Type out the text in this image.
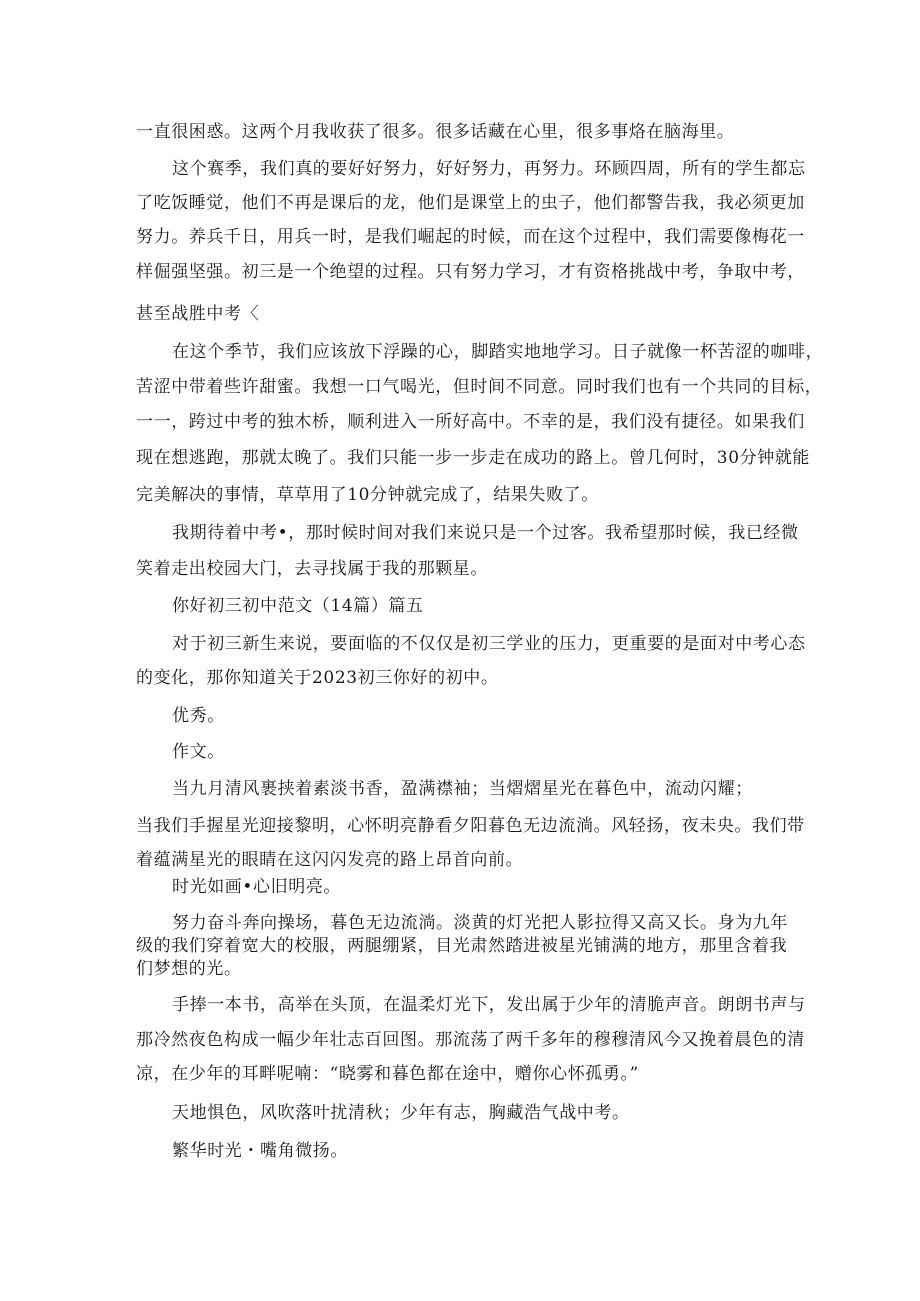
一直很困惑。这两个月我收获了很多。很多话藏在心里，很多事烙在脑海里。
这个赛季，我们真的要好好努力，好好努力，再努力。环顾四周，所有的学生都忘
了吃饭睡觉，他们不再是课后的龙，他们是课堂上的虫子，他们都警告我，我必须更加
努力。养兵千日，用兵一时，是我们崛起的时候，而在这个过程中，我们需要像梅花一
样倔强坚强。初三是一个绝望的过程。只有努力学习，才有资格挑战中考，争取中考，
甚至战胜中考〈
在这个季节，我们应该放下浮躁的心，脚踏实地地学习。日子就像一杯苦涩的咖啡，
苦涩中带着些许甜蜜。我想一口气喝光，但时间不同意。同时我们也有一个共同的目标，
一一，跨过中考的独木桥，顺利进入一所好高中。不幸的是，我们没有捷径。如果我们
现在想逃跑，那就太晚了。我们只能一步一步走在成功的路上。曾几何时，30分钟就能
完美解决的事情，草草用了10分钟就完成了，结果失败了。
我期待着中考•，那时候时间对我们来说只是一个过客。我希望那时候，我已经微
笑着走出校园大门，去寻找属于我的那颗星。
你好初三初中范文（14篇）篇五
对于初三新生来说，要面临的不仅仅是初三学业的压力，更重要的是面对中考心态
的变化，那你知道关于2023初三你好的初中。
优秀。
作文。
当九月清风裹挟着素淡书香，盈满襟袖；当熠熠星光在暮色中，流动闪耀；
当我们手握星光迎接黎明，心怀明亮静看夕阳暮色无边流淌。风轻扬，夜未央。我们带
着蕴满星光的眼睛在这闪闪发亮的路上昂首向前。
时光如画•心旧明亮。
努力奋斗奔向操场，暮色无边流淌。淡黄的灯光把人影拉得又高又长。身为九年
级的我们穿着宽大的校服，两腿绷紧，目光肃然踏进被星光铺满的地方，那里含着我
们梦想的光。
手捧一本书，高举在头顶，在温柔灯光下，发出属于少年的清脆声音。朗朗书声与
那冷然夜色构成一幅少年壮志百回图。那流荡了两千多年的穆穆清风今又挽着晨色的清
凉，在少年的耳畔呢喃：“晓雾和暮色都在途中，赠你心怀孤勇。”
天地惧色，风吹落叶扰清秋；少年有志，胸藏浩气战中考。
繁华时光・嘴角微扬。
